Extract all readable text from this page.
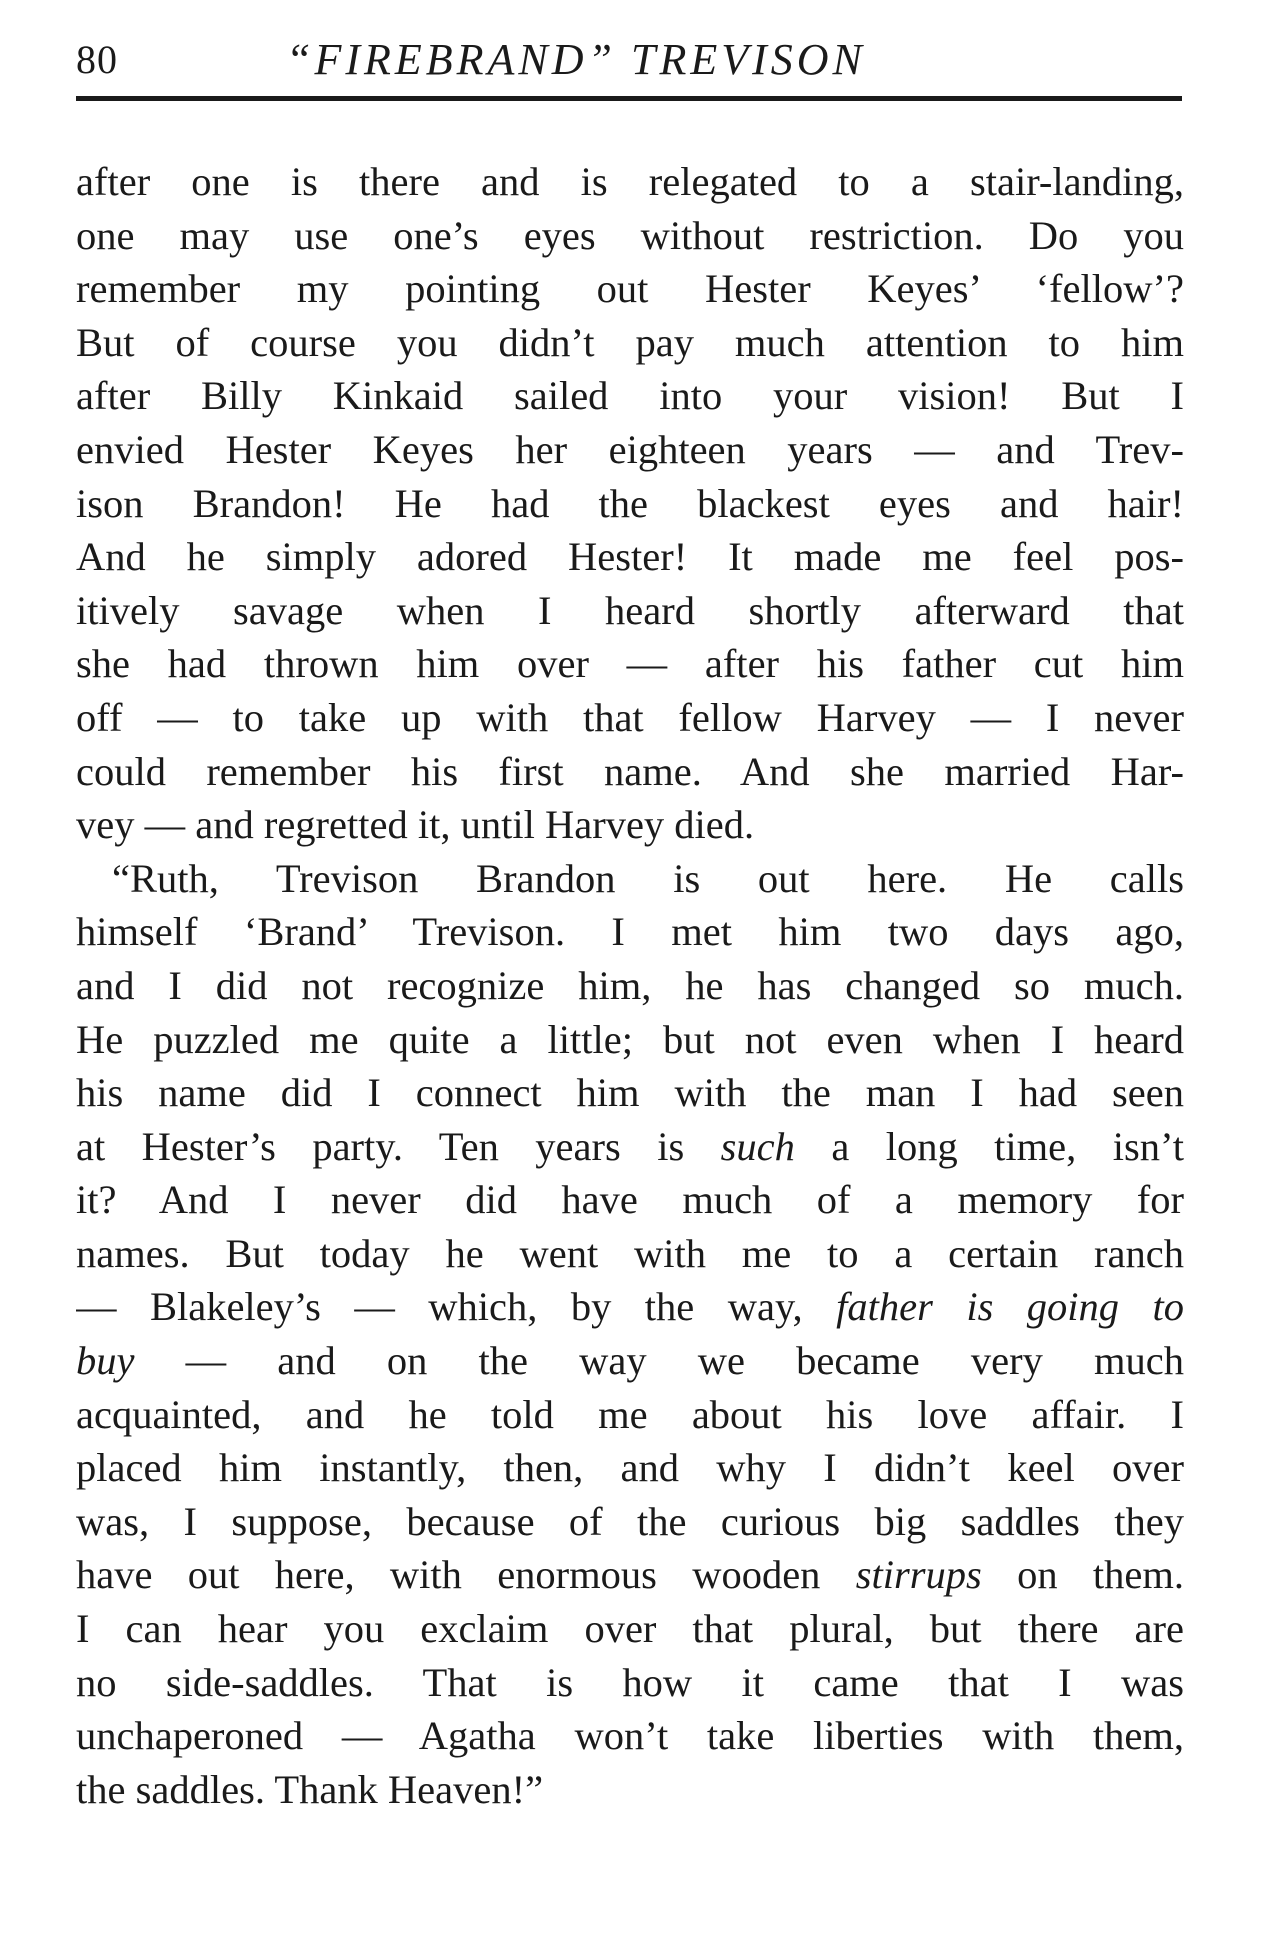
80	“FIREBRAND” TREVISON
after one is there and is relegated to a stair-landing,
one may use one’s eyes without restriction. Do you
remember my pointing out Hester Keyes’ ‘fellow’?
But of course you didn’t pay much attention to him
after Billy Kinkaid sailed into your vision! But I
envied Hester Keyes her eighteen years — and Trev-
ison Brandon! He had the blackest eyes and hair!
And he simply adored Hester! It made me feel pos-
itively savage when I heard shortly afterward that
she had thrown him over — after his father cut him
off — to take up with that fellow Harvey — I never
could remember his first name. And she married Har-
vey — and regretted it, until Harvey died.
“Ruth, Trevison Brandon is out here. He calls
himself ‘Brand’ Trevison. I met him two days ago,
and I did not recognize him, he has changed so much.
He puzzled me quite a little; but not even when I heard
his name did I connect him with the man I had seen
at Hester’s party. Ten years is such a long time, isn’t
it? And I never did have much of a memory for
names. But today he went with me to a certain ranch
— Blakeley’s — which, by the way, father is going to
buy — and on the way we became very much
acquainted, and he told me about his love affair. I
placed him instantly, then, and why I didn’t keel over
was, I suppose, because of the curious big saddles they
have out here, with enormous wooden stirrups on them.
I can hear you exclaim over that plural, but there are
no side-saddles. That is how it came that I was
unchaperoned — Agatha won’t take liberties with them,
the saddles. Thank Heaven!”
